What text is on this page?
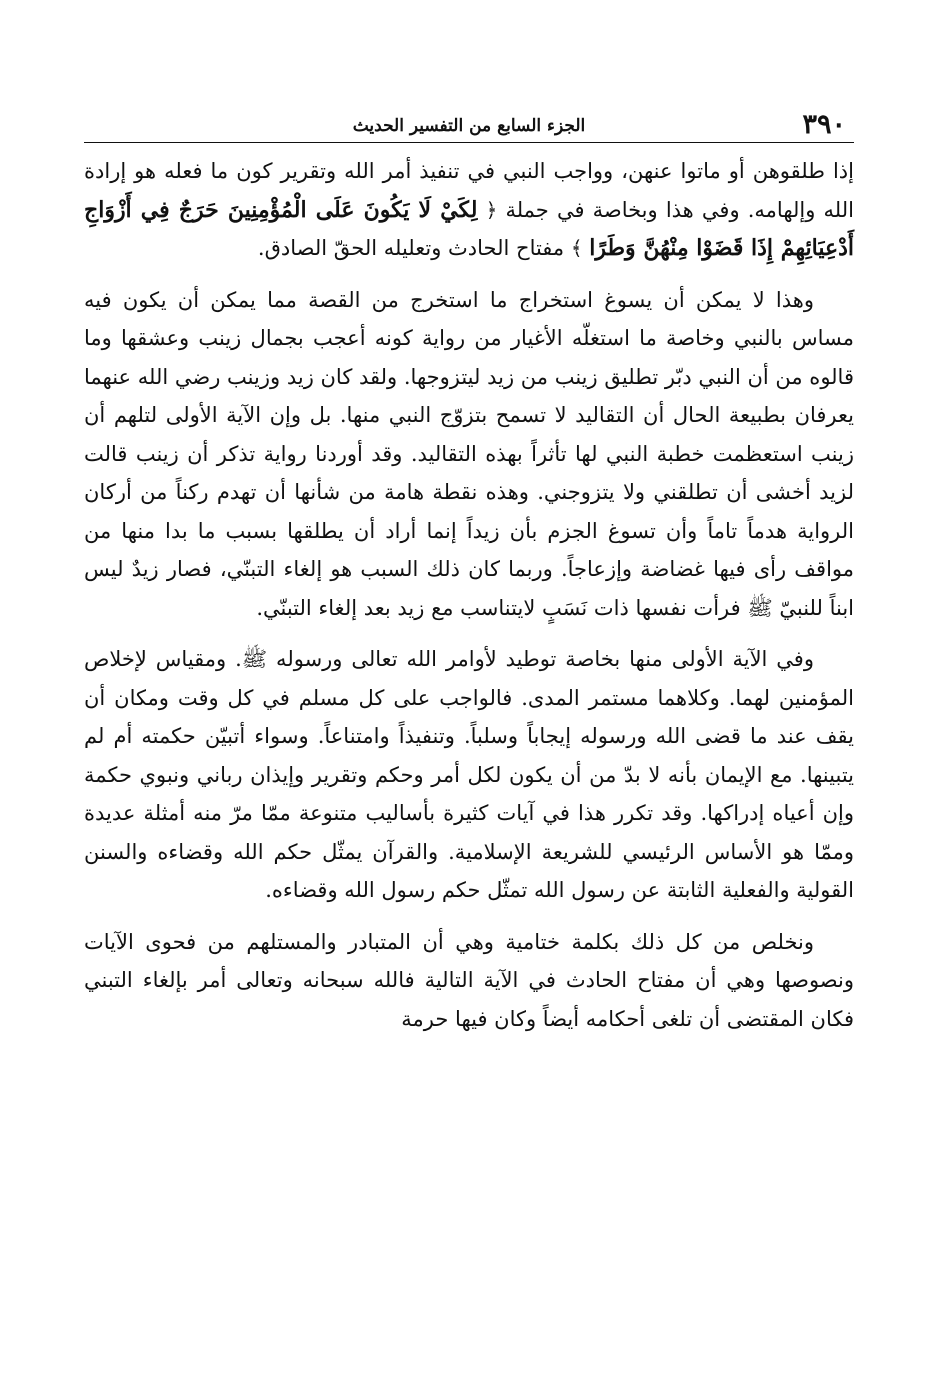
٣٩٠
الجزء السابع من التفسير الحديث

إذا طلقوهن أو ماتوا عنهن، وواجب النبي في تنفيذ أمر الله وتقرير كون ما فعله هو إرادة الله وإلهامه. وفي هذا وبخاصة في جملة ﴿ لِكَيْ لَا يَكُونَ عَلَى الْمُؤْمِنِينَ حَرَجٌ فِي أَزْوَاجِ أَدْعِيَائِهِمْ إِذَا قَضَوْا مِنْهُنَّ وَطَرًا ﴾ مفتاح الحادث وتعليله الحقّ الصادق.

وهذا لا يمكن أن يسوغ استخراج ما استخرج من القصة مما يمكن أن يكون فيه مساس بالنبي وخاصة ما استغلّه الأغيار من رواية كونه أعجب بجمال زينب وعشقها وما قالوه من أن النبي دبّر تطليق زينب من زيد ليتزوجها. ولقد كان زيد وزينب رضي الله عنهما يعرفان بطبيعة الحال أن التقاليد لا تسمح بتزوّج النبي منها. بل وإن الآية الأولى لتلهم أن زينب استعظمت خطبة النبي لها تأثراً بهذه التقاليد. وقد أوردنا رواية تذكر أن زينب قالت لزيد أخشى أن تطلقني ولا يتزوجني. وهذه نقطة هامة من شأنها أن تهدم ركناً من أركان الرواية هدماً تاماً وأن تسوغ الجزم بأن زيداً إنما أراد أن يطلقها بسبب ما بدا منها من مواقف رأى فيها غضاضة وإزعاجاً. وربما كان ذلك السبب هو إلغاء التبنّي، فصار زيدٌ ليس ابناً للنبيّ ﷺ فرأت نفسها ذات نَسَبٍ لايتناسب مع زيد بعد إلغاء التبنّي.

وفي الآية الأولى منها بخاصة توطيد لأوامر الله تعالى ورسوله ﷺ. ومقياس لإخلاص المؤمنين لهما. وكلاهما مستمر المدى. فالواجب على كل مسلم في كل وقت ومكان أن يقف عند ما قضى الله ورسوله إيجاباً وسلباً. وتنفيذاً وامتناعاً. وسواء أتبيّن حكمته أم لم يتبينها. مع الإيمان بأنه لا بدّ من أن يكون لكل أمر وحكم وتقرير وإيذان رباني ونبوي حكمة وإن أعياه إدراكها. وقد تكرر هذا في آيات كثيرة بأساليب متنوعة ممّا مرّ منه أمثلة عديدة وممّا هو الأساس الرئيسي للشريعة الإسلامية. والقرآن يمثّل حكم الله وقضاءه والسنن القولية والفعلية الثابتة عن رسول الله تمثّل حكم رسول الله وقضاءه.

ونخلص من كل ذلك بكلمة ختامية وهي أن المتبادر والمستلهم من فحوى الآيات ونصوصها وهي أن مفتاح الحادث في الآية التالية فالله سبحانه وتعالى أمر بإلغاء التبني فكان المقتضى أن تلغى أحكامه أيضاً وكان فيها حرمة
